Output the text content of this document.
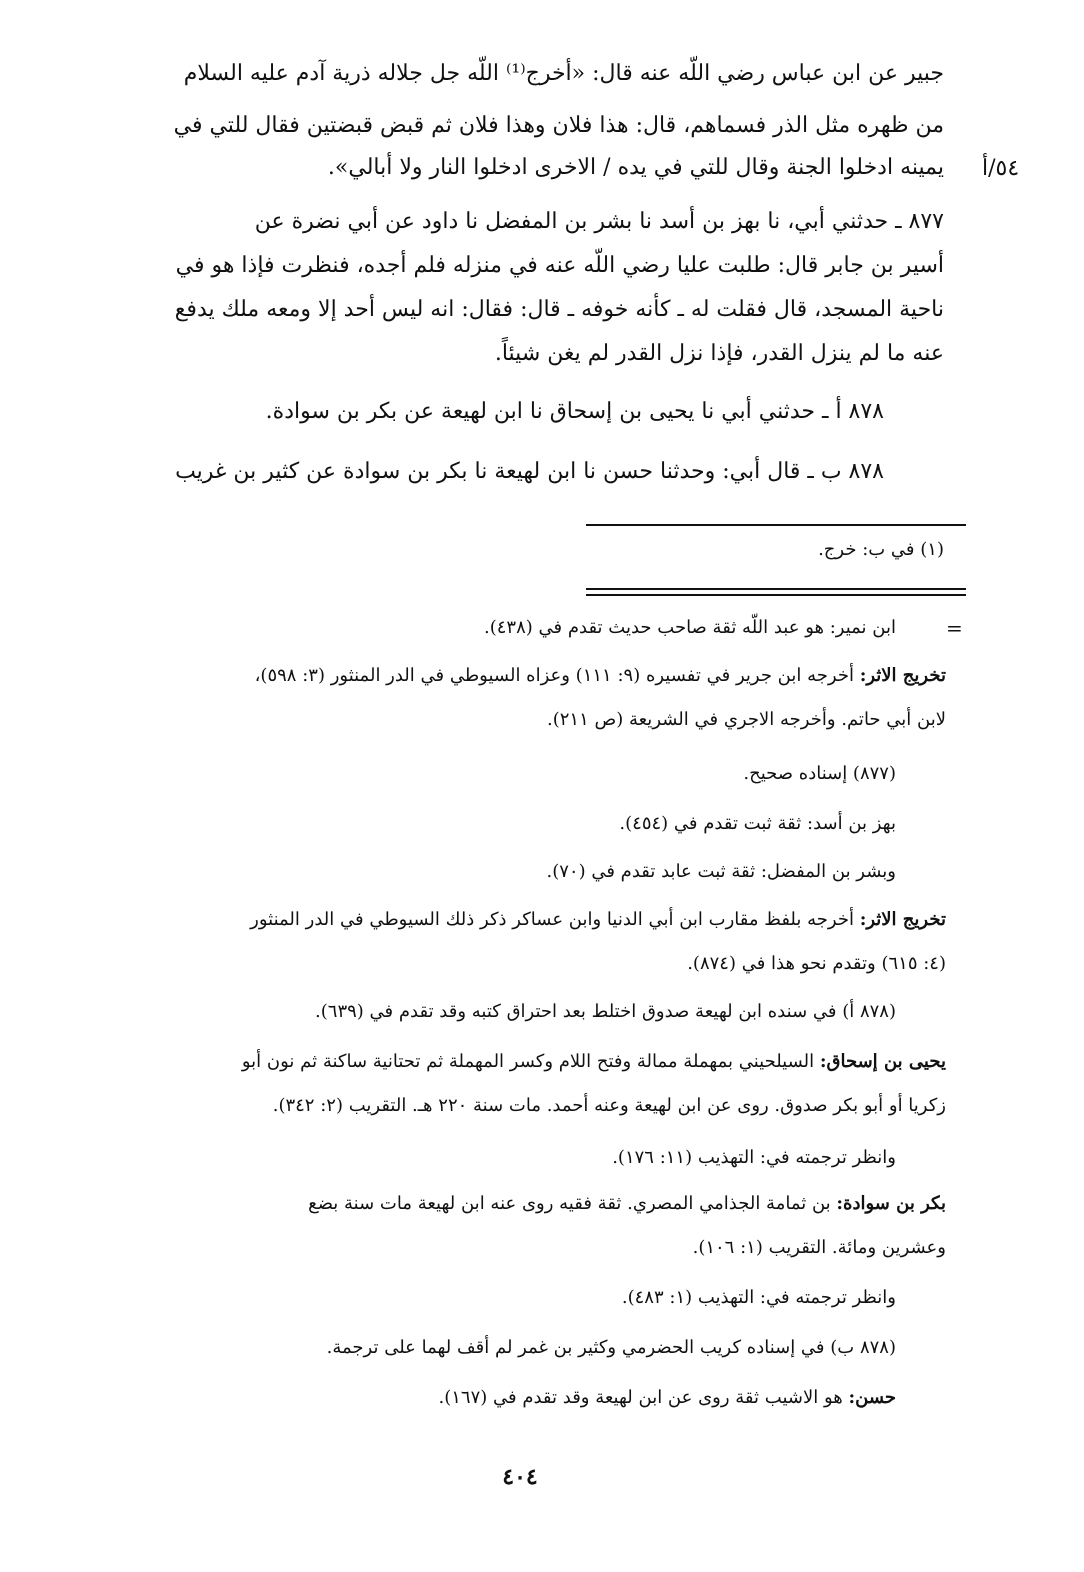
جبير عن ابن عباس رضي اللّه عنه قال: «أخرج⁽¹⁾ اللّه جل جلاله ذرية آدم عليه السلام
من ظهره مثل الذر فسماهم، قال: هذا فلان وهذا فلان ثم قبض قبضتين فقال للتي في
يمينه ادخلوا الجنة وقال للتي في يده / الاخرى ادخلوا النار ولا أبالي». ٥٤/أ
٨٧٧ ـ حدثني أبي، نا بهز بن أسد نا بشر بن المفضل نا داود عن أبي نضرة عن
أسير بن جابر قال: طلبت عليا رضي اللّه عنه في منزله فلم أجده، فنظرت فإذا هو في
ناحية المسجد، قال فقلت له ـ كأنه خوفه ـ قال: فقال: انه ليس أحد إلا ومعه ملك يدفع
عنه ما لم ينزل القدر، فإذا نزل القدر لم يغن شيئاً.
٨٧٨ أ ـ حدثني أبي نا يحيى بن إسحاق نا ابن لهيعة عن بكر بن سوادة.
٨٧٨ ب ـ قال أبي: وحدثنا حسن نا ابن لهيعة نا بكر بن سوادة عن كثير بن غريب
(١) في ب: خرج.
=
ابن نمير: هو عبد اللّه ثقة صاحب حديث تقدم في (٤٣٨).
تخريج الاثر: أخرجه ابن جرير في تفسيره (٩: ١١١) وعزاه السيوطي في الدر المنثور (٣: ٥٩٨)،
لابن أبي حاتم. وأخرجه الاجري في الشريعة (ص ٢١١).
(٨٧٧) إسناده صحيح.
بهز بن أسد: ثقة ثبت تقدم في (٤٥٤).
وبشر بن المفضل: ثقة ثبت عابد تقدم في (٧٠).
تخريج الاثر: أخرجه بلفظ مقارب ابن أبي الدنيا وابن عساكر ذكر ذلك السيوطي في الدر المنثور
(٤: ٦١٥) وتقدم نحو هذا في (٨٧٤).
(٨٧٨ أ) في سنده ابن لهيعة صدوق اختلط بعد احتراق كتبه وقد تقدم في (٦٣٩).
يحيى بن إسحاق: السيلحيني بمهملة ممالة وفتح اللام وكسر المهملة ثم تحتانية ساكنة ثم نون أبو
زكريا أو أبو بكر صدوق. روى عن ابن لهيعة وعنه أحمد. مات سنة ٢٢٠ هـ. التقريب (٢: ٣٤٢).
وانظر ترجمته في: التهذيب (١١: ١٧٦).
بكر بن سوادة: بن ثمامة الجذامي المصري. ثقة فقيه روى عنه ابن لهيعة مات سنة بضع
وعشرين ومائة. التقريب (١: ١٠٦).
وانظر ترجمته في: التهذيب (١: ٤٨٣).
(٨٧٨ ب) في إسناده كريب الحضرمي وكثير بن غمر لم أقف لهما على ترجمة.
حسن: هو الاشيب ثقة روى عن ابن لهيعة وقد تقدم في (١٦٧).
٤٠٤
